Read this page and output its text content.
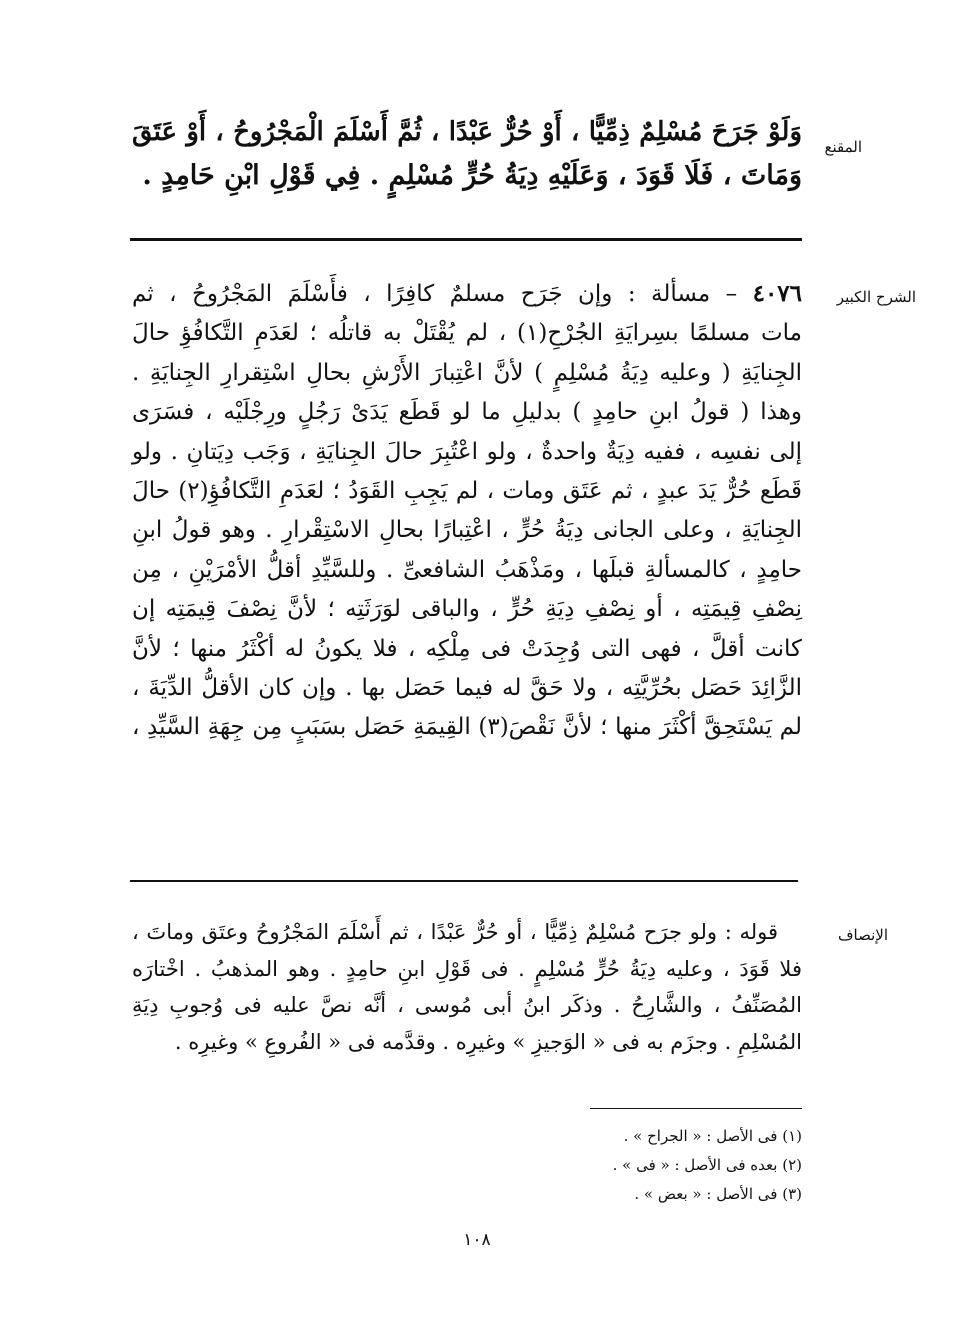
المقنع
وَلَوْ جَرَحَ مُسْلِمٌ ذِمِّيًّا ، أَوْ حُرٌّ عَبْدًا ، ثُمَّ أَسْلَمَ الْمَجْرُوحُ ، أَوْ عَتَقَ
وَمَاتَ ، فَلَا قَوَدَ ، وَعَلَيْهِ دِيَةُ حُرٍّ مُسْلِمٍ . فِي قَوْلِ ابْنِ حَامِدٍ .
الشرح الكبير
٤٠٧٦ – مسألة : وإن جَرَح مسلمٌ كافِرًا ، فأَسْلَمَ المَجْرُوحُ ، ثم
مات مسلمًا بسِرايَةِ الجُرْحِ(١) ، لم يُقْتَلْ به قاتلُه ؛ لعَدَمِ التَّكافُؤِ حالَ
الجِنايَةِ ( وعليه دِيَةُ مُسْلِمٍ ) لأنَّ اعْتِبارَ الأَرْشِ بحالِ اسْتِقرارِ الجِنايَةِ .
وهذا ( قولُ ابنِ حامِدٍ ) بدليلِ ما لو قَطَع يَدَىْ رَجُلٍ ورِجْلَيْه ، فسَرَى
إلى نفسِه ، ففيه دِيَةٌ واحدةٌ ، ولو اعْتُبِرَ حالَ الجِنايَةِ ، وَجَب دِيَتانِ . ولو
قَطَع حُرٌّ يَدَ عبدٍ ، ثم عَتَق ومات ، لم يَجِبِ القَوَدُ ؛ لعَدَمِ التَّكافُؤِ(٢) حالَ
الجِنايَةِ ، وعلى الجانى دِيَةُ حُرٍّ ، اعْتِبارًا بحالِ الاسْتِقْرارِ . وهو قولُ ابنِ
حامِدٍ ، كالمسألةِ قبلَها ، ومَذْهَبُ الشافعىِّ . وللسَّيِّدِ أقلُّ الأمْرَيْنِ ، مِن
نِصْفِ قِيمَتِه ، أو نِصْفِ دِيَةِ حُرٍّ ، والباقى لوَرَثَتِه ؛ لأنَّ نِصْفَ قِيمَتِه إن
كانت أقلَّ ، فهى التى وُجِدَتْ فى مِلْكِه ، فلا يكونُ له أكْثَرُ منها ؛ لأنَّ
الزَّائِدَ حَصَل بحُرِّيَّتِه ، ولا حَقَّ له فيما حَصَل بها . وإن كان الأقلُّ الدِّيَةَ ،
لم يَسْتَحِقَّ أكْثَرَ منها ؛ لأنَّ نَقْصَ(٣) القِيمَةِ حَصَل بسَبَبٍ مِن جِهَةِ السَّيِّدِ ،
الإنصاف
قوله : ولو جرَح مُسْلِمٌ ذِمِّيًّا ، أو حُرٌّ عَبْدًا ، ثم أَسْلَمَ المَجْرُوحُ وعتَق وماتَ ،
فلا قَوَدَ ، وعليه دِيَةُ حُرٍّ مُسْلِمٍ . فى قَوْلِ ابنِ حامِدٍ . وهو المذهبُ . اخْتارَه
المُصَنِّفُ ، والشَّارِحُ . وذكَر ابنُ أبى مُوسى ، أنَّه نصَّ عليه فى وُجوبِ دِيَةِ
المُسْلِمِ . وجزَم به فى « الوَجيزِ » وغيرِه . وقدَّمه فى « الفُروعِ » وغيرِه .
(١) فى الأصل : « الجراح » .
(٢) بعده فى الأصل : « فى » .
(٣) فى الأصل : « بعض » .
١٠٨
